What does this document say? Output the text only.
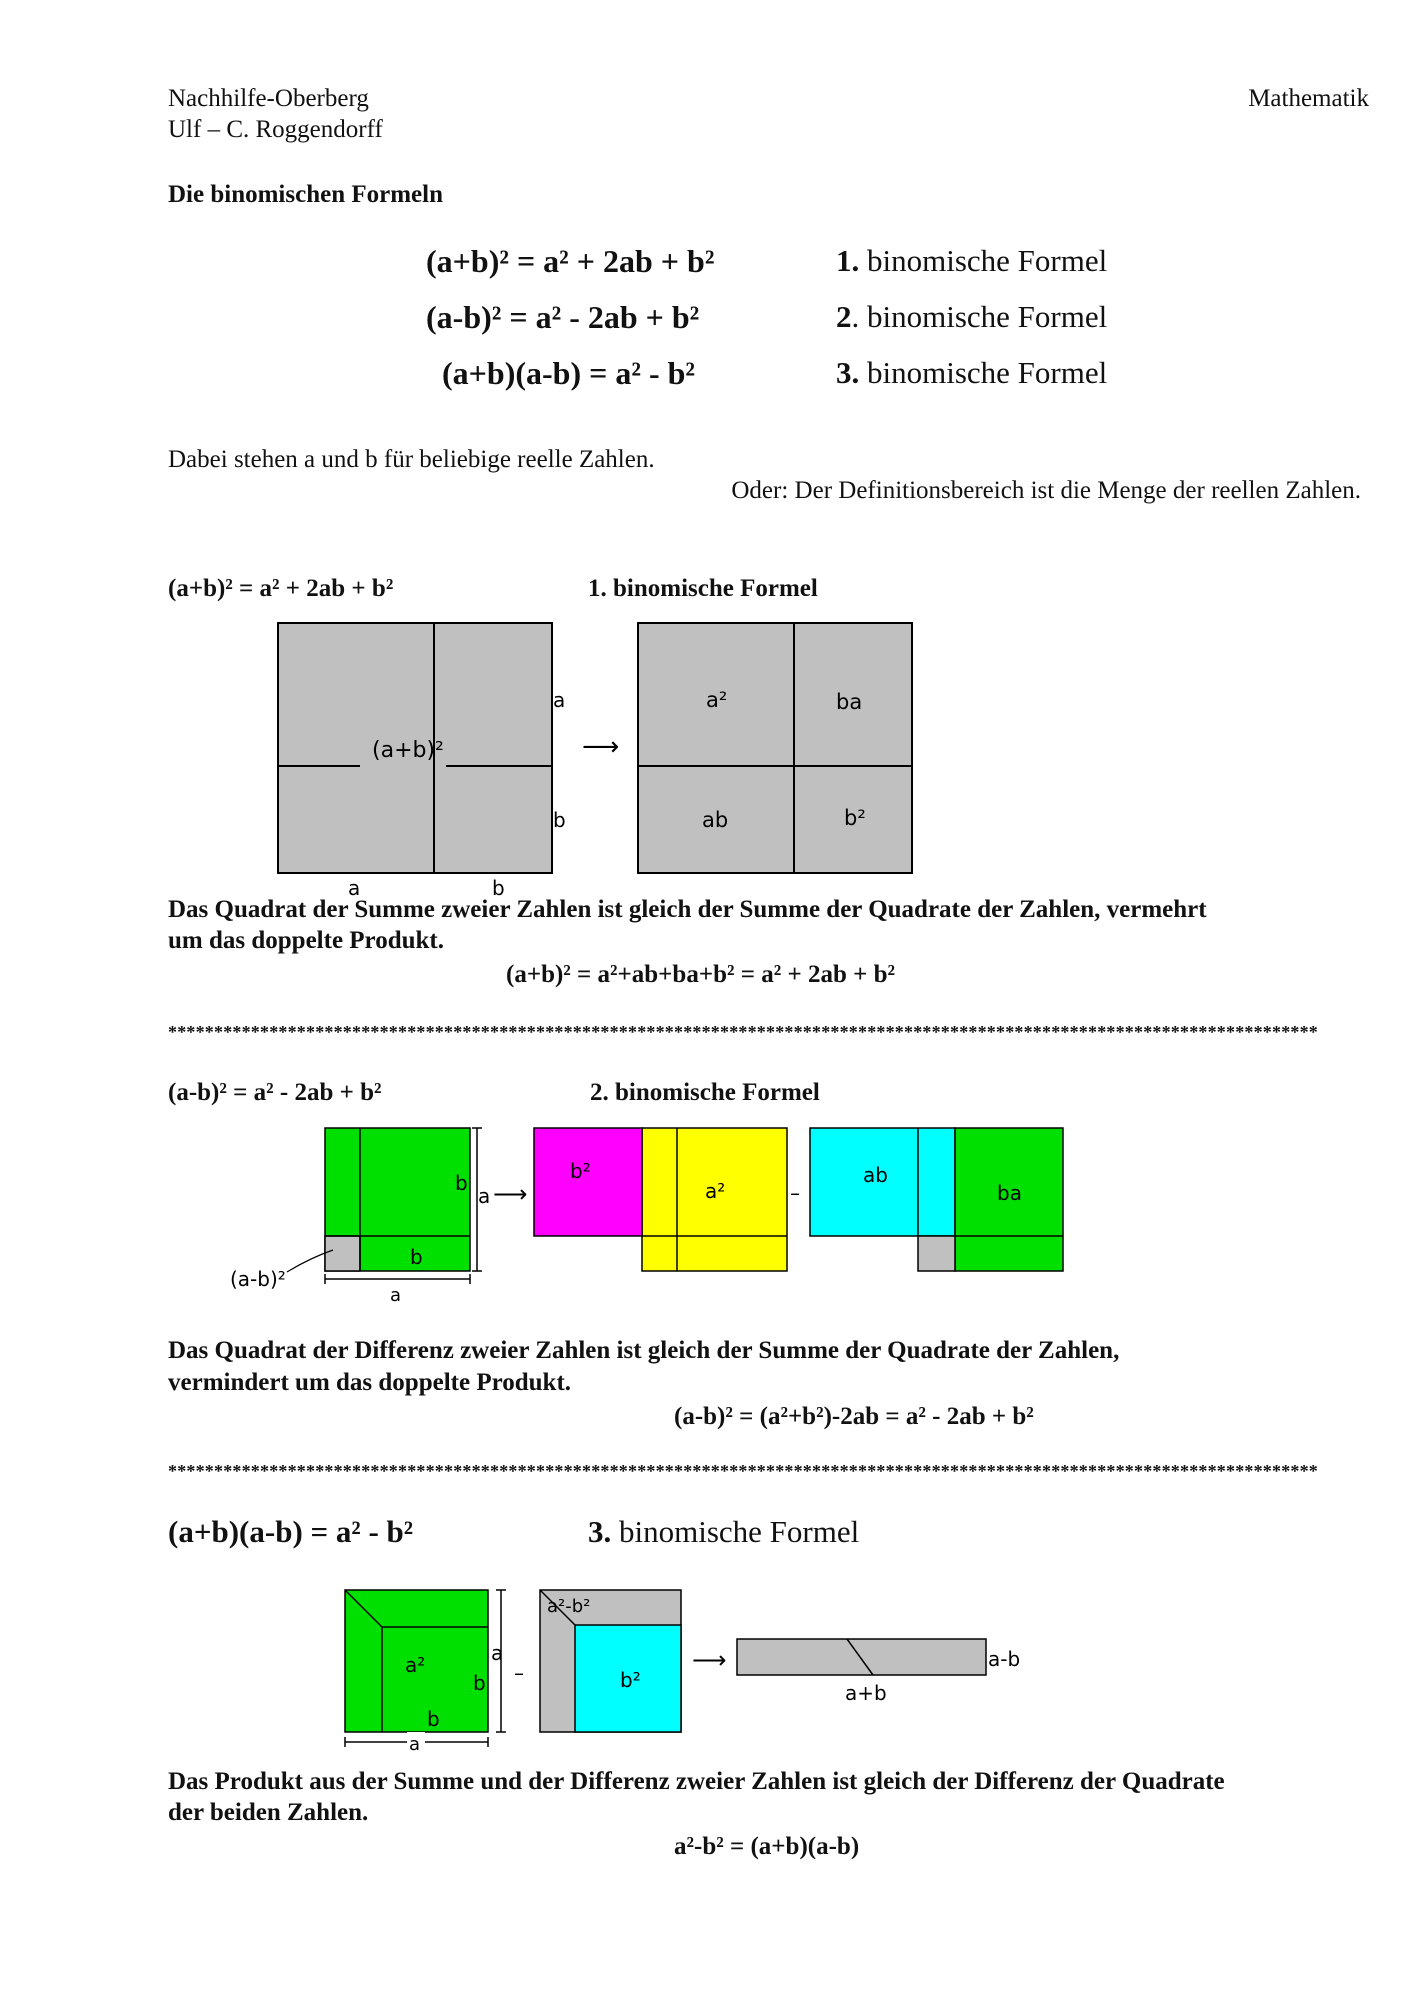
Nachhilfe-Oberberg
Ulf – C. Roggendorff
Mathematik
Die binomischen Formeln
(a+b)² = a² + 2ab + b²	1. binomische Formel
(a-b)² = a² - 2ab + b²	2. binomische Formel
(a+b)(a-b) = a² - b²	3. binomische Formel
Dabei stehen a und b für beliebige reelle Zahlen.
Oder: Der Definitionsbereich ist die Menge der reellen Zahlen.
(a+b)² = a² + 2ab + b²	1. binomische Formel
(a+b)²
a
b
a	b
⟶
a²	ba
ab	b²
Das Quadrat der Summe zweier Zahlen ist gleich der Summe der Quadrate der Zahlen, vermehrt
um das doppelte Produkt.
(a+b)² = a²+ab+ba+b² = a² + 2ab + b²
*****************************************************************************************************************************
(a-b)² = a² - 2ab + b²	2. binomische Formel
b
b
a
a
(a-b)²
⟶
b²
a²	–
ab
ba
Das Quadrat der Differenz zweier Zahlen ist gleich der Summe der Quadrate der Zahlen,
vermindert um das doppelte Produkt.
(a-b)² = (a²+b²)-2ab = a² - 2ab + b²
*****************************************************************************************************************************
(a+b)(a-b) = a² - b²	3. binomische Formel
a²
b
b
a
a
–
a²-b²
b²
⟶	a-b
a+b
Das Produkt aus der Summe und der Differenz zweier Zahlen ist gleich der Differenz der Quadrate
der beiden Zahlen.
a²-b² = (a+b)(a-b)
